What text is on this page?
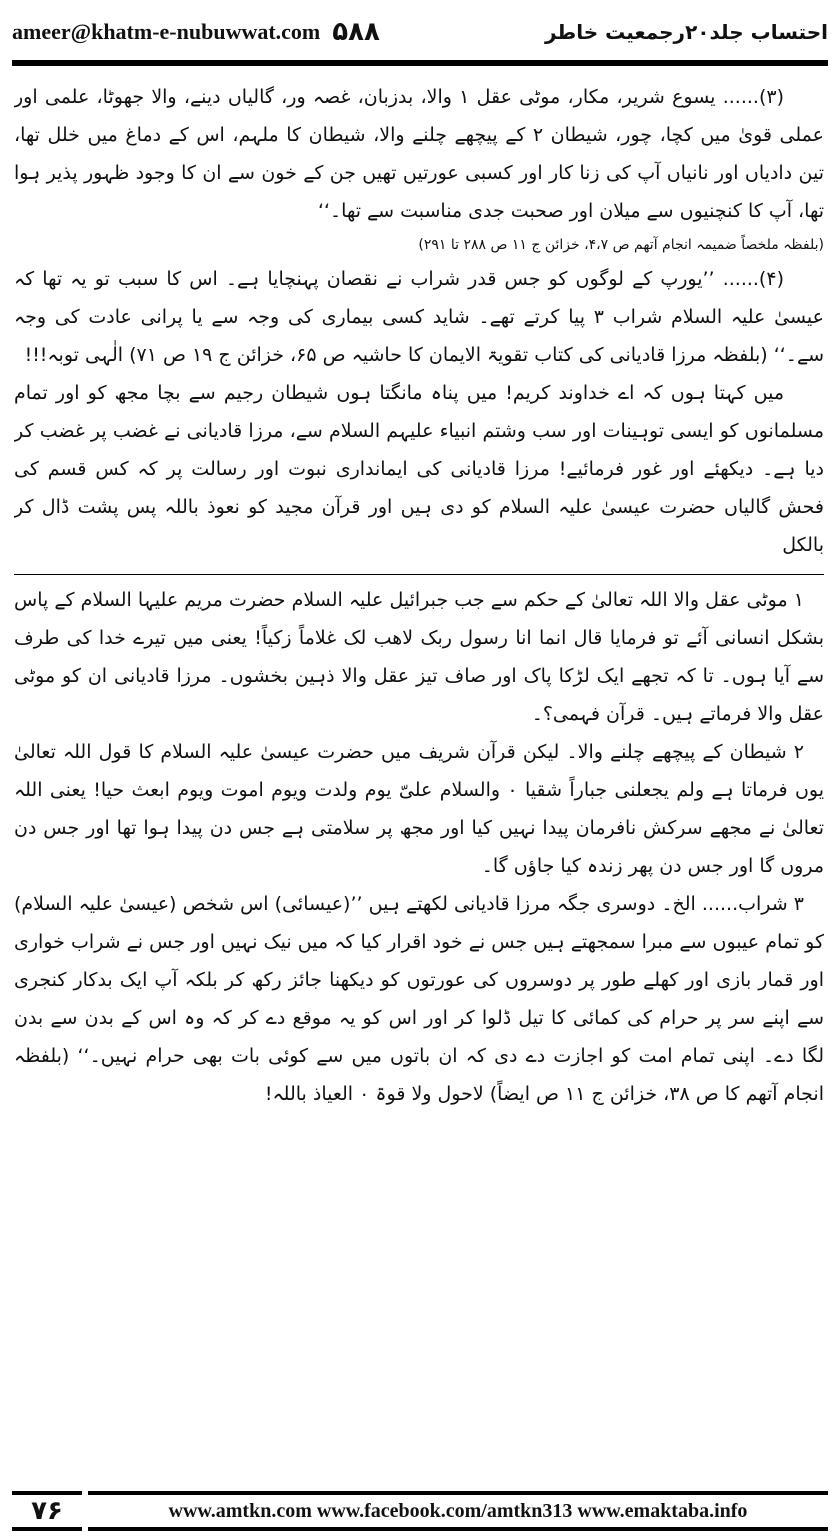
ameer@khatm-e-nubuwwat.com ۵۸۸	احتساب جلد۲۰رجمعیت خاطر

(۳)...... یسوع شریر، مکار، موٹی عقل ۱ والا، بدزبان، غصہ ور، گالیاں دینے، والا جھوٹا، علمی اور عملی قویٰ میں کچا، چور، شیطان ۲ کے پیچھے چلنے والا، شیطان کا ملہم، اس کے دماغ میں خلل تھا، تین دادیاں اور نانیاں آپ کی زنا کار اور کسبی عورتیں تھیں جن کے خون سے ان کا وجود ظہور پذیر ہوا تھا، آپ کا کنچنیوں سے میلان اور صحبت جدی مناسبت سے تھا۔‘‘

(بلفظہ ملخصاً ضمیمہ انجام آتھم ص ۴،۷، خزائن ج ۱۱ ص ۲۸۸ تا ۲۹۱)

(۴)...... ’’یورپ کے لوگوں کو جس قدر شراب نے نقصان پہنچایا ہے۔ اس کا سبب تو یہ تھا کہ عیسیٰ علیہ السلام شراب ۳ پیا کرتے تھے۔ شاید کسی بیماری کی وجہ سے یا پرانی عادت کی وجہ سے۔‘‘ (بلفظہ مرزا قادیانی کی کتاب تقویۃ الایمان کا حاشیہ ص ۶۵، خزائن ج ۱۹ ص ۷۱) الٰہی توبہ!!!

میں کہتا ہوں کہ اے خداوند کریم! میں پناہ مانگتا ہوں شیطان رجیم سے بچا مجھ کو اور تمام مسلمانوں کو ایسی توہینات اور سب وشتم انبیاء علیہم السلام سے، مرزا قادیانی نے غضب پر غضب کر دیا ہے۔ دیکھئے اور غور فرمائیے! مرزا قادیانی کی ایمانداری نبوت اور رسالت پر کہ کس قسم کی فحش گالیاں حضرت عیسیٰ علیہ السلام کو دی ہیں اور قرآن مجید کو نعوذ باللہ پس پشت ڈال کر بالکل

۱ موٹی عقل والا اللہ تعالیٰ کے حکم سے جب جبرائیل علیہ السلام حضرت مریم علیہا السلام کے پاس بشکل انسانی آئے تو فرمایا قال انما انا رسول ربک لاھب لک غلاماً زکیاً! یعنی میں تیرے خدا کی طرف سے آیا ہوں۔ تا کہ تجھے ایک لڑکا پاک اور صاف تیز عقل والا ذہین بخشوں۔ مرزا قادیانی ان کو موٹی عقل والا فرماتے ہیں۔ قرآن فہمی؟۔

۲ شیطان کے پیچھے چلنے والا۔ لیکن قرآن شریف میں حضرت عیسیٰ علیہ السلام کا قول اللہ تعالیٰ یوں فرماتا ہے ولم یجعلنی جباراً شقیا ۰ والسلام علیّ یوم ولدت ویوم اموت ویوم ابعث حیا! یعنی اللہ تعالیٰ نے مجھے سرکش نافرمان پیدا نہیں کیا اور مجھ پر سلامتی ہے جس دن پیدا ہوا تھا اور جس دن مروں گا اور جس دن پھر زندہ کیا جاؤں گا۔

۳ شراب...... الخ۔ دوسری جگہ مرزا قادیانی لکھتے ہیں ’’(عیسائی) اس شخص (عیسیٰ علیہ السلام) کو تمام عیبوں سے مبرا سمجھتے ہیں جس نے خود اقرار کیا کہ میں نیک نہیں اور جس نے شراب خواری اور قمار بازی اور کھلے طور پر دوسروں کی عورتوں کو دیکھنا جائز رکھ کر بلکہ آپ ایک بدکار کنجری سے اپنے سر پر حرام کی کمائی کا تیل ڈلوا کر اور اس کو یہ موقع دے کر کہ وہ اس کے بدن سے بدن لگا دے۔ اپنی تمام امت کو اجازت دے دی کہ ان باتوں میں سے کوئی بات بھی حرام نہیں۔‘‘ (بلفظہ انجام آتھم کا ص ۳۸، خزائن ج ۱۱ ص ایضاً) لاحول ولا قوۃ ۰ العیاذ باللہ!

۷۶	www.amtkn.com www.facebook.com/amtkn313 www.emaktaba.info
